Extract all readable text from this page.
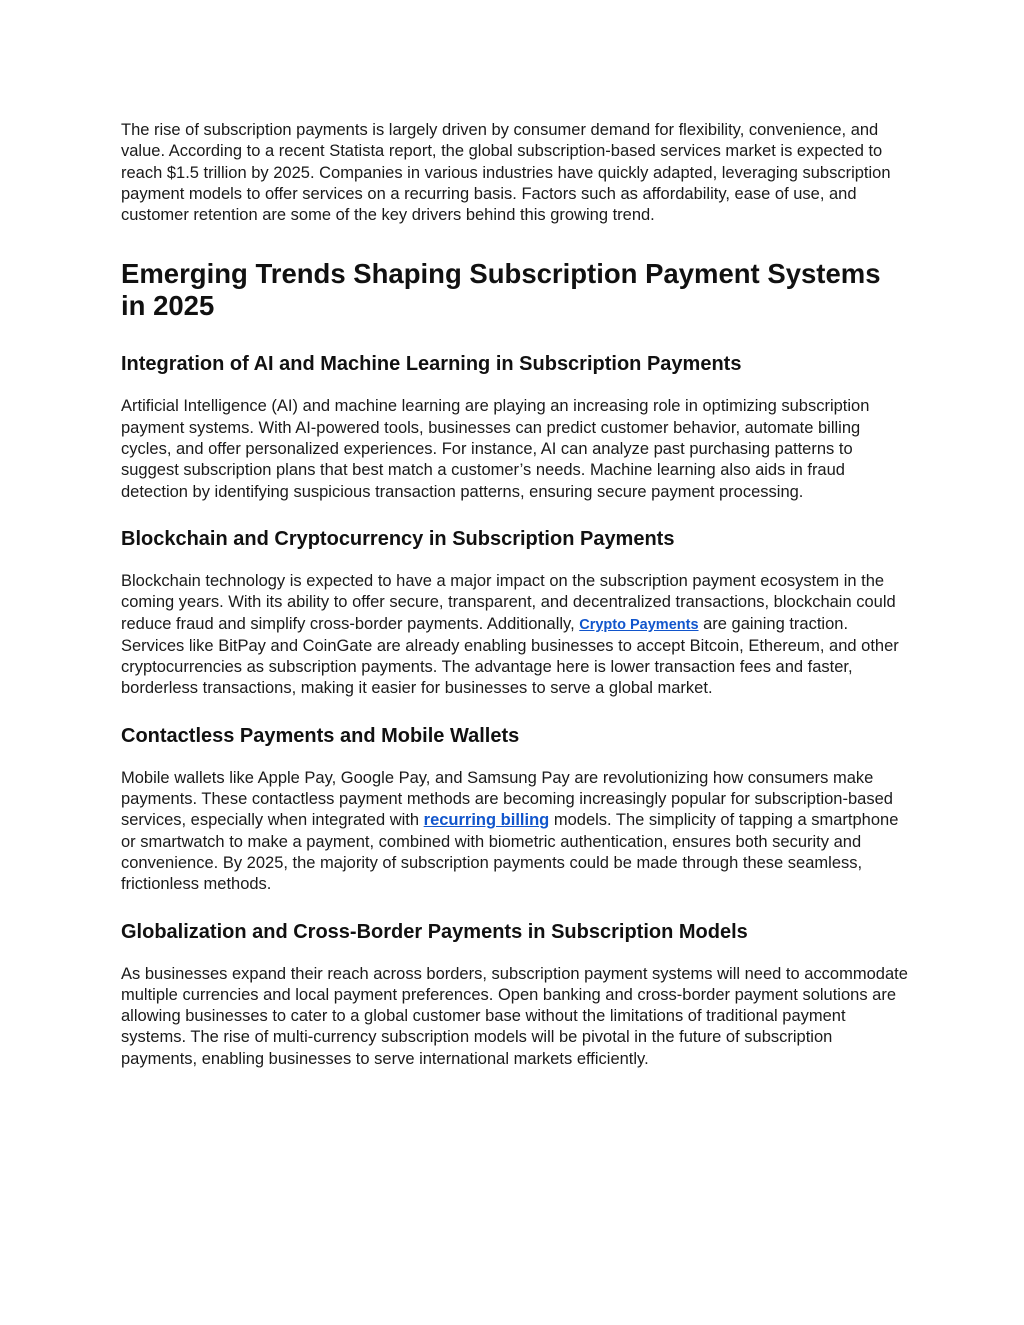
The rise of subscription payments is largely driven by consumer demand for flexibility, convenience, and value. According to a recent Statista report, the global subscription-based services market is expected to reach $1.5 trillion by 2025. Companies in various industries have quickly adapted, leveraging subscription payment models to offer services on a recurring basis. Factors such as affordability, ease of use, and customer retention are some of the key drivers behind this growing trend.

Emerging Trends Shaping Subscription Payment Systems in 2025
Integration of AI and Machine Learning in Subscription Payments

Artificial Intelligence (AI) and machine learning are playing an increasing role in optimizing subscription payment systems. With AI-powered tools, businesses can predict customer behavior, automate billing cycles, and offer personalized experiences. For instance, AI can analyze past purchasing patterns to suggest subscription plans that best match a customer’s needs. Machine learning also aids in fraud detection by identifying suspicious transaction patterns, ensuring secure payment processing.

Blockchain and Cryptocurrency in Subscription Payments

Blockchain technology is expected to have a major impact on the subscription payment ecosystem in the coming years. With its ability to offer secure, transparent, and decentralized transactions, blockchain could reduce fraud and simplify cross-border payments. Additionally, Crypto Payments are gaining traction. Services like BitPay and CoinGate are already enabling businesses to accept Bitcoin, Ethereum, and other cryptocurrencies as subscription payments. The advantage here is lower transaction fees and faster, borderless transactions, making it easier for businesses to serve a global market.

Contactless Payments and Mobile Wallets

Mobile wallets like Apple Pay, Google Pay, and Samsung Pay are revolutionizing how consumers make payments. These contactless payment methods are becoming increasingly popular for subscription-based services, especially when integrated with recurring billing models. The simplicity of tapping a smartphone or smartwatch to make a payment, combined with biometric authentication, ensures both security and convenience. By 2025, the majority of subscription payments could be made through these seamless, frictionless methods.

Globalization and Cross-Border Payments in Subscription Models

As businesses expand their reach across borders, subscription payment systems will need to accommodate multiple currencies and local payment preferences. Open banking and cross-border payment solutions are allowing businesses to cater to a global customer base without the limitations of traditional payment systems. The rise of multi-currency subscription models will be pivotal in the future of subscription payments, enabling businesses to serve international markets efficiently.
